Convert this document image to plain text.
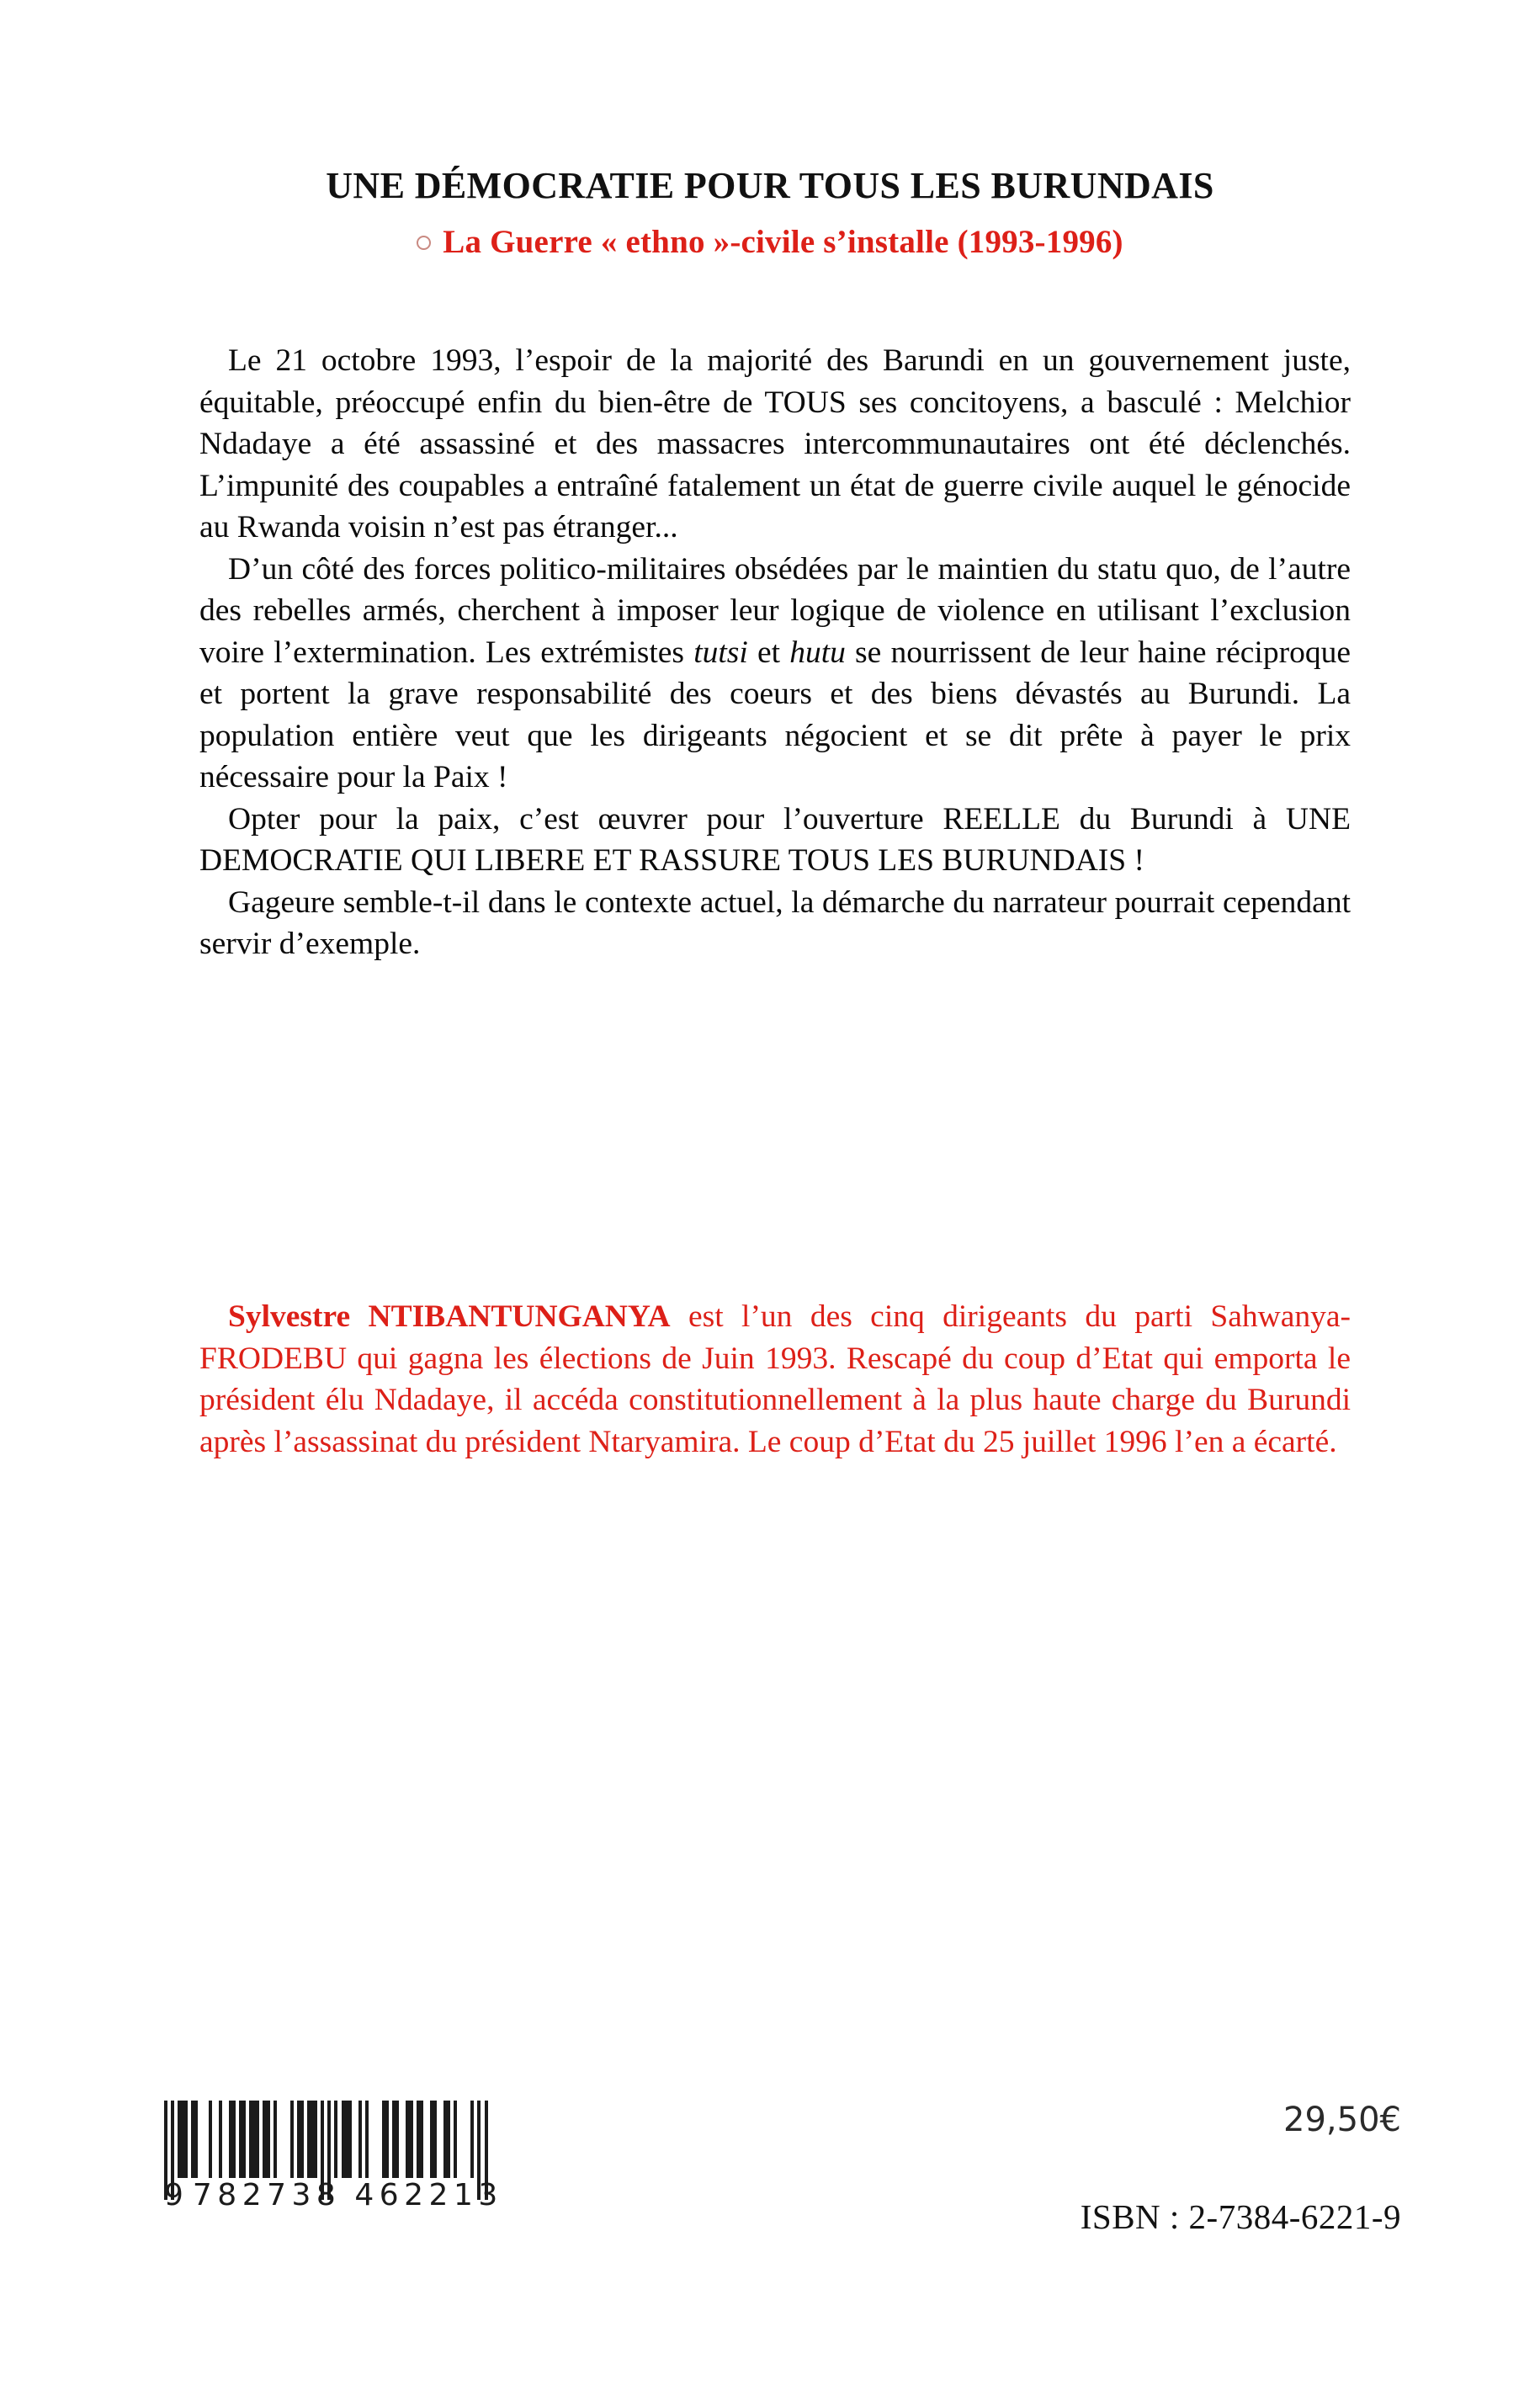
UNE DÉMOCRATIE POUR TOUS LES BURUNDAIS
La Guerre « ethno »-civile s’installe (1993-1996)

Le 21 octobre 1993, l’espoir de la majorité des Barundi en un gouvernement juste, équitable, préoccupé enfin du bien-être de TOUS ses concitoyens, a basculé : Melchior Ndadaye a été assassiné et des massacres intercommunautaires ont été déclenchés. L’impunité des coupables a entraîné fatalement un état de guerre civile auquel le génocide au Rwanda voisin n’est pas étranger...

D’un côté des forces politico-militaires obsédées par le maintien du statu quo, de l’autre des rebelles armés, cherchent à imposer leur logique de violence en utilisant l’exclusion voire l’extermination. Les extrémistes tutsi et hutu se nourrissent de leur haine réciproque et portent la grave responsabilité des coeurs et des biens dévastés au Burundi. La population entière veut que les dirigeants négocient et se dit prête à payer le prix nécessaire pour la Paix !

Opter pour la paix, c’est œuvrer pour l’ouverture REELLE du Burundi à UNE DEMOCRATIE QUI LIBERE ET RASSURE TOUS LES BURUNDAIS !

Gageure semble-t-il dans le contexte actuel, la démarche du narrateur pourrait cependant servir d’exemple.

Sylvestre NTIBANTUNGANYA est l’un des cinq dirigeants du parti Sahwanya-FRODEBU qui gagna les élections de Juin 1993. Rescapé du coup d’Etat qui emporta le président élu Ndadaye, il accéda constitutionnellement à la plus haute charge du Burundi après l’assassinat du président Ntaryamira. Le coup d’Etat du 25 juillet 1996 l’en a écarté.

9 782738 462213
29,50€
ISBN : 2-7384-6221-9
